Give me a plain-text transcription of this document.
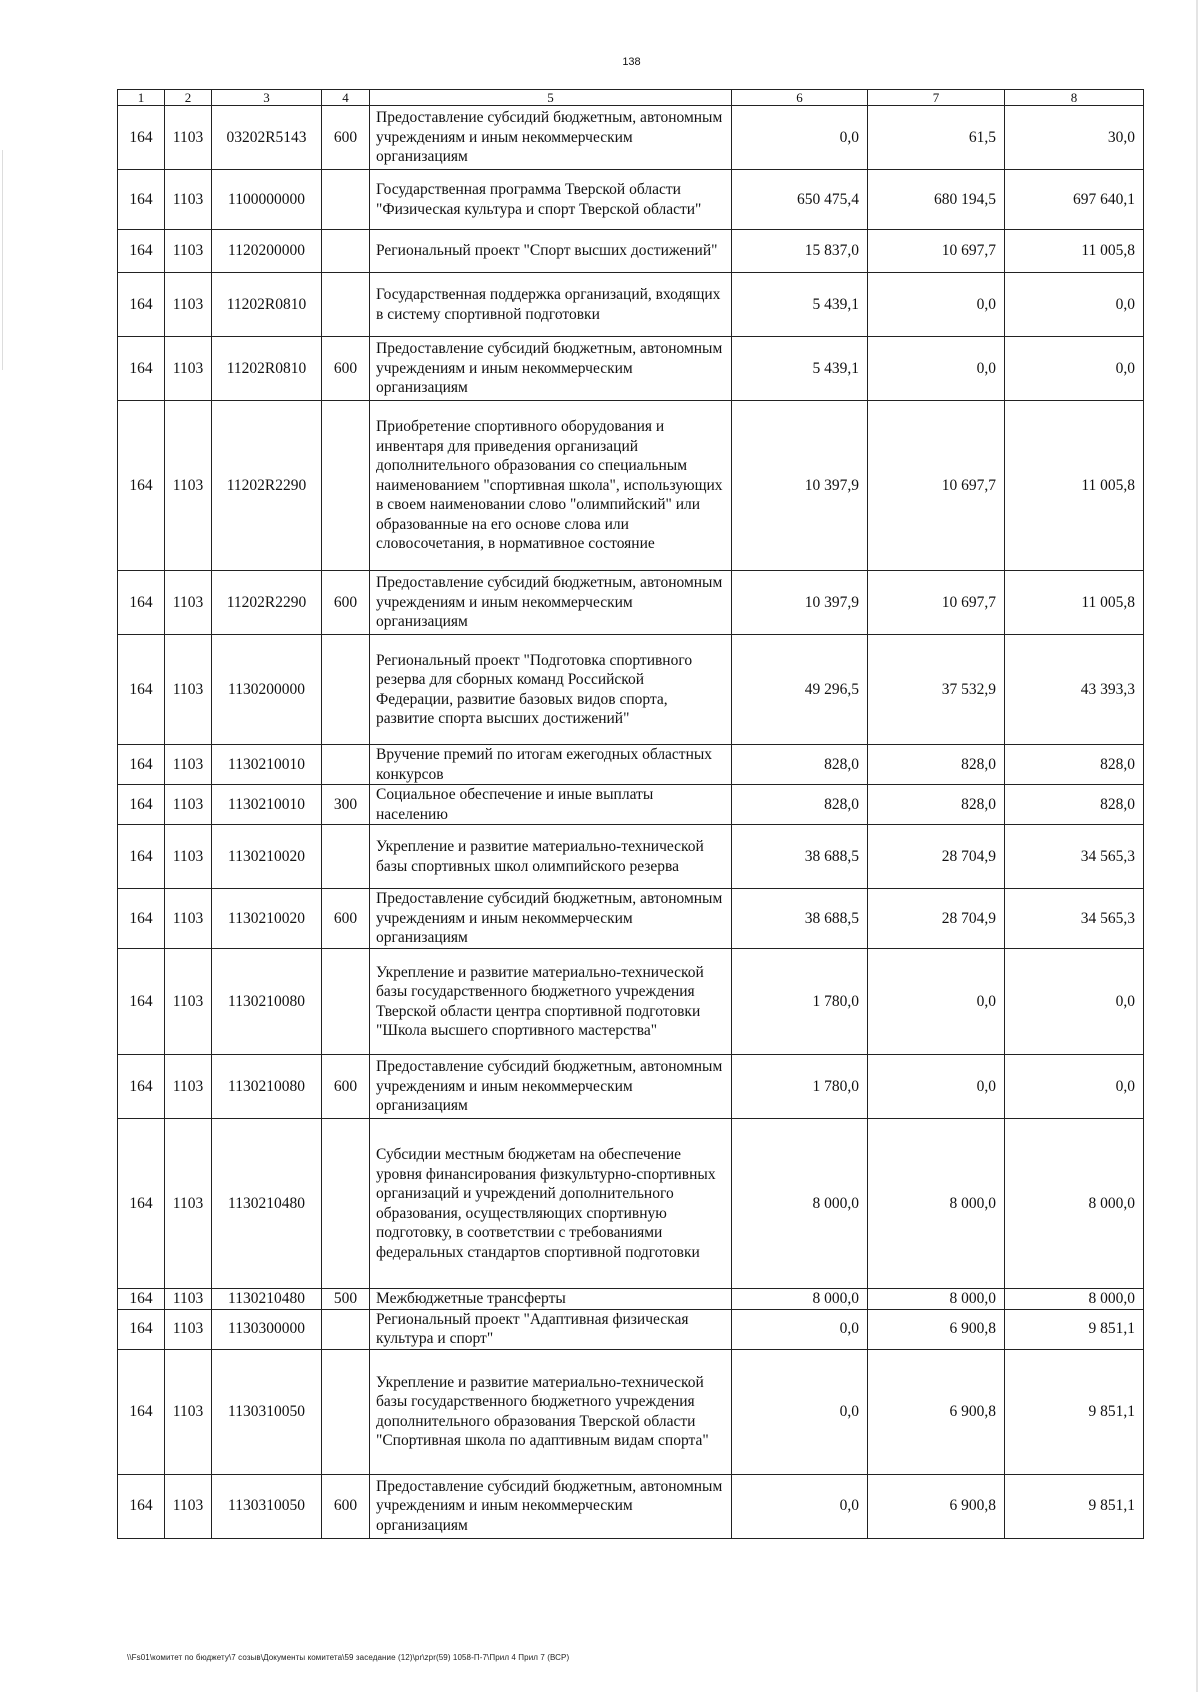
138
1	2	3	4	5	6	7	8
164	1103	03202R5143	600	Предоставление субсидий бюджетным, автономным учреждениям и иным некоммерческим организациям	0,0	61,5	30,0
164	1103	1100000000		Государственная программа Тверской области "Физическая культура и спорт Тверской области"	650 475,4	680 194,5	697 640,1
164	1103	1120200000		Региональный проект "Спорт высших достижений"	15 837,0	10 697,7	11 005,8
164	1103	11202R0810		Государственная поддержка организаций, входящих в систему спортивной подготовки	5 439,1	0,0	0,0
164	1103	11202R0810	600	Предоставление субсидий бюджетным, автономным учреждениям и иным некоммерческим организациям	5 439,1	0,0	0,0
164	1103	11202R2290		Приобретение спортивного оборудования и инвентаря для приведения организаций дополнительного образования со специальным наименованием "спортивная школа", использующих в своем наименовании слово "олимпийский" или образованные на его основе слова или словосочетания, в нормативное состояние	10 397,9	10 697,7	11 005,8
164	1103	11202R2290	600	Предоставление субсидий бюджетным, автономным учреждениям и иным некоммерческим организациям	10 397,9	10 697,7	11 005,8
164	1103	1130200000		Региональный проект "Подготовка спортивного резерва для сборных команд Российской Федерации, развитие базовых видов спорта, развитие спорта высших достижений"	49 296,5	37 532,9	43 393,3
164	1103	1130210010		Вручение премий по итогам ежегодных областных конкурсов	828,0	828,0	828,0
164	1103	1130210010	300	Социальное обеспечение и иные выплаты населению	828,0	828,0	828,0
164	1103	1130210020		Укрепление и развитие материально-технической базы спортивных школ олимпийского резерва	38 688,5	28 704,9	34 565,3
164	1103	1130210020	600	Предоставление субсидий бюджетным, автономным учреждениям и иным некоммерческим организациям	38 688,5	28 704,9	34 565,3
164	1103	1130210080		Укрепление и развитие материально-технической базы государственного бюджетного учреждения Тверской области центра спортивной подготовки "Школа высшего спортивного мастерства"	1 780,0	0,0	0,0
164	1103	1130210080	600	Предоставление субсидий бюджетным, автономным учреждениям и иным некоммерческим организациям	1 780,0	0,0	0,0
164	1103	1130210480		Субсидии местным бюджетам на обеспечение уровня финансирования физкультурно-спортивных организаций и учреждений дополнительного образования, осуществляющих спортивную подготовку, в соответствии с требованиями федеральных стандартов спортивной подготовки	8 000,0	8 000,0	8 000,0
164	1103	1130210480	500	Межбюджетные трансферты	8 000,0	8 000,0	8 000,0
164	1103	1130300000		Региональный проект "Адаптивная физическая культура и спорт"	0,0	6 900,8	9 851,1
164	1103	1130310050		Укрепление и развитие материально-технической базы государственного бюджетного учреждения дополнительного образования Тверской области "Спортивная школа по адаптивным видам спорта"	0,0	6 900,8	9 851,1
164	1103	1130310050	600	Предоставление субсидий бюджетным, автономным учреждениям и иным некоммерческим организациям	0,0	6 900,8	9 851,1
\\Fs01\комитет по бюджету\7 созыв\Документы комитета\59 заседание (12)\pr\zpr(59) 1058-П-7\Прил 4 Прил 7 (ВСР)
